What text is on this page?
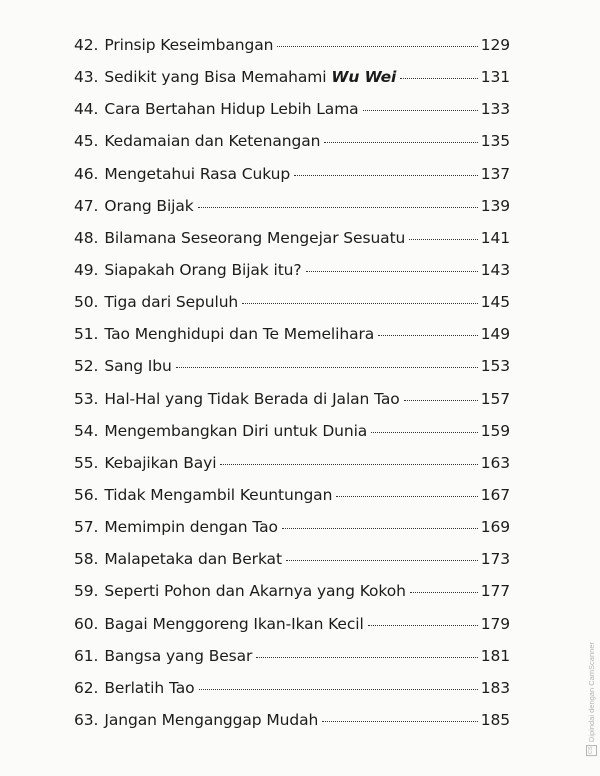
42. Prinsip Keseimbangan	129
43. Sedikit yang Bisa Memahami Wu Wei	131
44. Cara Bertahan Hidup Lebih Lama	133
45. Kedamaian dan Ketenangan	135
46. Mengetahui Rasa Cukup	137
47. Orang Bijak	139
48. Bilamana Seseorang Mengejar Sesuatu	141
49. Siapakah Orang Bijak itu?	143
50. Tiga dari Sepuluh	145
51. Tao Menghidupi dan Te Memelihara	149
52. Sang Ibu	153
53. Hal-Hal yang Tidak Berada di Jalan Tao	157
54. Mengembangkan Diri untuk Dunia	159
55. Kebajikan Bayi	163
56. Tidak Mengambil Keuntungan	167
57. Memimpin dengan Tao	169
58. Malapetaka dan Berkat	173
59. Seperti Pohon dan Akarnya yang Kokoh	177
60. Bagai Menggoreng Ikan-Ikan Kecil	179
61. Bangsa yang Besar	181
62. Berlatih Tao	183
63. Jangan Menganggap Mudah	185
CS
Dipindai dengan CamScanner
